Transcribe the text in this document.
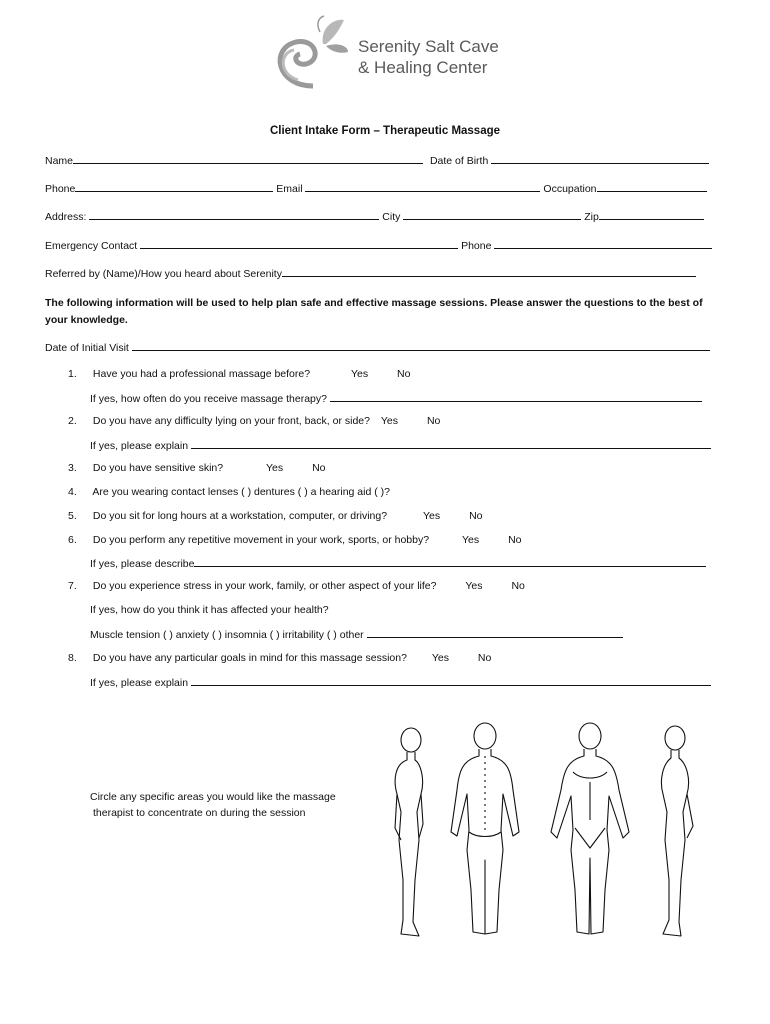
Serenity Salt Cave
& Healing Center
Client Intake Form – Therapeutic Massage
Name	Date of Birth
Phone	Email	Occupation
Address:	City	Zip
Emergency Contact	Phone
Referred by (Name)/How you heard about Serenity
The following information will be used to help plan safe and effective massage sessions. Please answer the questions to the best of your knowledge.
Date of Initial Visit
1. Have you had a professional massage before?	Yes	No
If yes, how often do you receive massage therapy?
2. Do you have any difficulty lying on your front, back, or side? Yes	No
If yes, please explain
3. Do you have sensitive skin?	Yes	No
4. Are you wearing contact lenses ( ) dentures ( ) a hearing aid ( )?
5. Do you sit for long hours at a workstation, computer, or driving?	Yes	No
6. Do you perform any repetitive movement in your work, sports, or hobby?	Yes	No
If yes, please describe
7. Do you experience stress in your work, family, or other aspect of your life?	Yes	No
If yes, how do you think it has affected your health?
Muscle tension ( ) anxiety ( ) insomnia ( ) irritability ( ) other
8. Do you have any particular goals in mind for this massage session? Yes	No
If yes, please explain
Circle any specific areas you would like the massage
therapist to concentrate on during the session
